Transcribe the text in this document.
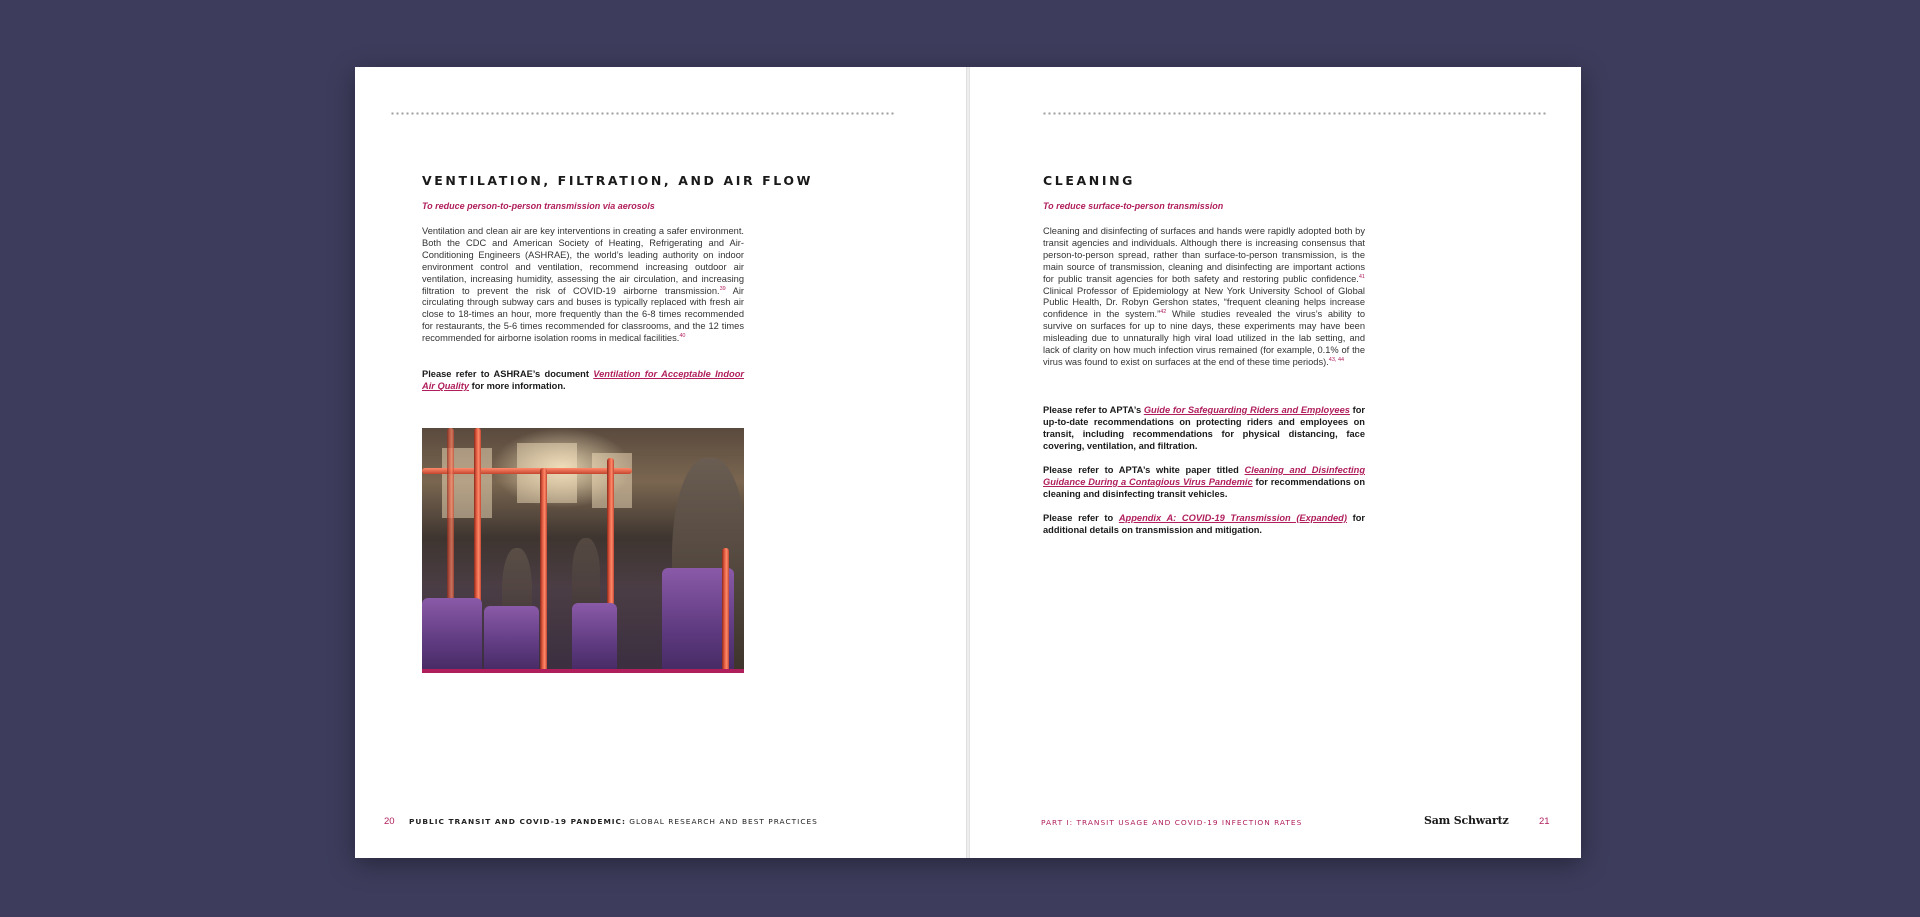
VENTILATION, FILTRATION, AND AIR FLOW

To reduce person-to-person transmission via aerosols

Ventilation and clean air are key interventions in creating a safer environment. Both the CDC and American Society of Heating, Refrigerating and Air-Conditioning Engineers (ASHRAE), the world’s leading authority on indoor environment control and ventilation, recommend increasing outdoor air ventilation, increasing humidity, assessing the air circulation, and increasing filtration to prevent the risk of COVID-19 airborne transmission.$^{39}$ Air circulating through subway cars and buses is typically replaced with fresh air close to 18-times an hour, more frequently than the 6-8 times recommended for restaurants, the 5-6 times recommended for classrooms, and the 12 times recommended for airborne isolation rooms in medical facilities.$^{40}$

Please refer to ASHRAE’s document Ventilation for Acceptable Indoor Air Quality for more information.

20 PUBLIC TRANSIT AND COVID-19 PANDEMIC: GLOBAL RESEARCH AND BEST PRACTICES
CLEANING

To reduce surface-to-person transmission

Cleaning and disinfecting of surfaces and hands were rapidly adopted both by transit agencies and individuals. Although there is increasing consensus that person-to-person spread, rather than surface-to-person transmission, is the main source of transmission, cleaning and disinfecting are important actions for public transit agencies for both safety and restoring public confidence.$^{41}$ Clinical Professor of Epidemiology at New York University School of Global Public Health, Dr. Robyn Gershon states, “frequent cleaning helps increase confidence in the system.”$^{42}$ While studies revealed the virus’s ability to survive on surfaces for up to nine days, these experiments may have been misleading due to unnaturally high viral load utilized in the lab setting, and lack of clarity on how much infection virus remained (for example, 0.1% of the virus was found to exist on surfaces at the end of these time periods).$^{43, 44}$

Please refer to APTA’s Guide for Safeguarding Riders and Employees for up-to-date recommendations on protecting riders and employees on transit, including recommendations for physical distancing, face covering, ventilation, and filtration.

Please refer to APTA’s white paper titled Cleaning and Disinfecting Guidance During a Contagious Virus Pandemic for recommendations on cleaning and disinfecting transit vehicles.

Please refer to Appendix A: COVID-19 Transmission (Expanded) for additional details on transmission and mitigation.

PART I: TRANSIT USAGE AND COVID-19 INFECTION RATES	Sam Schwartz	21
